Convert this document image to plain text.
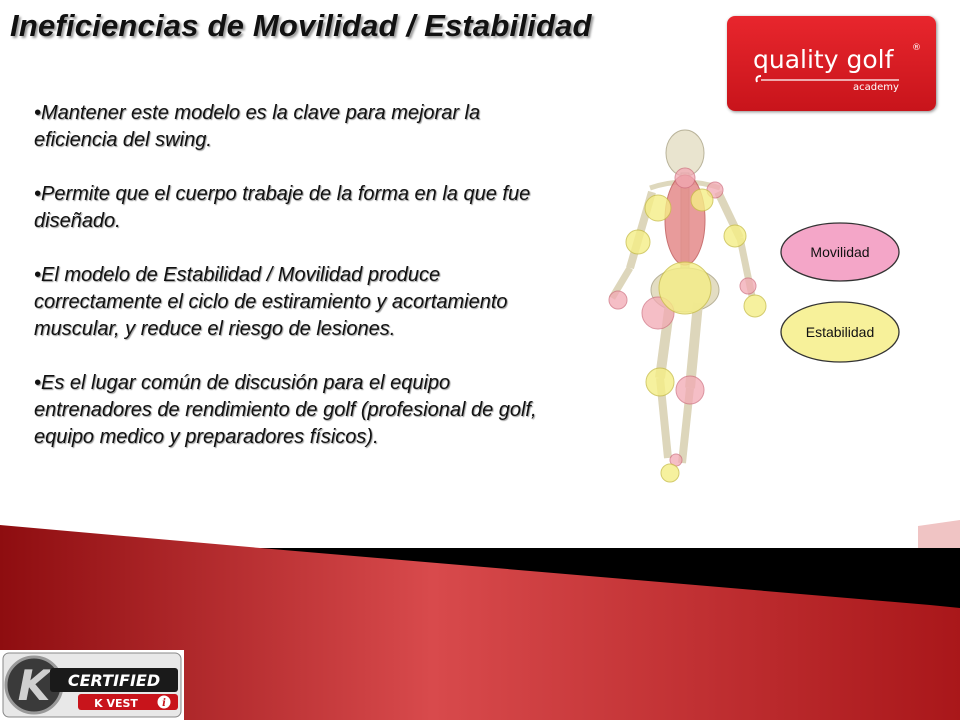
Ineficiencias de Movilidad / Estabilidad
•Mantener este modelo es la clave para mejorar la eficiencia del swing.
•Permite que el cuerpo trabaje de la forma en la que fue diseñado.
•El modelo de Estabilidad / Movilidad produce correctamente el ciclo de estiramiento y acortamiento muscular, y reduce el riesgo de lesiones.
•Es el lugar común de discusión para el equipo entrenadores de rendimiento de golf (profesional de golf, equipo medico y preparadores físicos).
quality golf ®
academy
Movilidad
Estabilidad
K CERTIFIED
K VEST i
